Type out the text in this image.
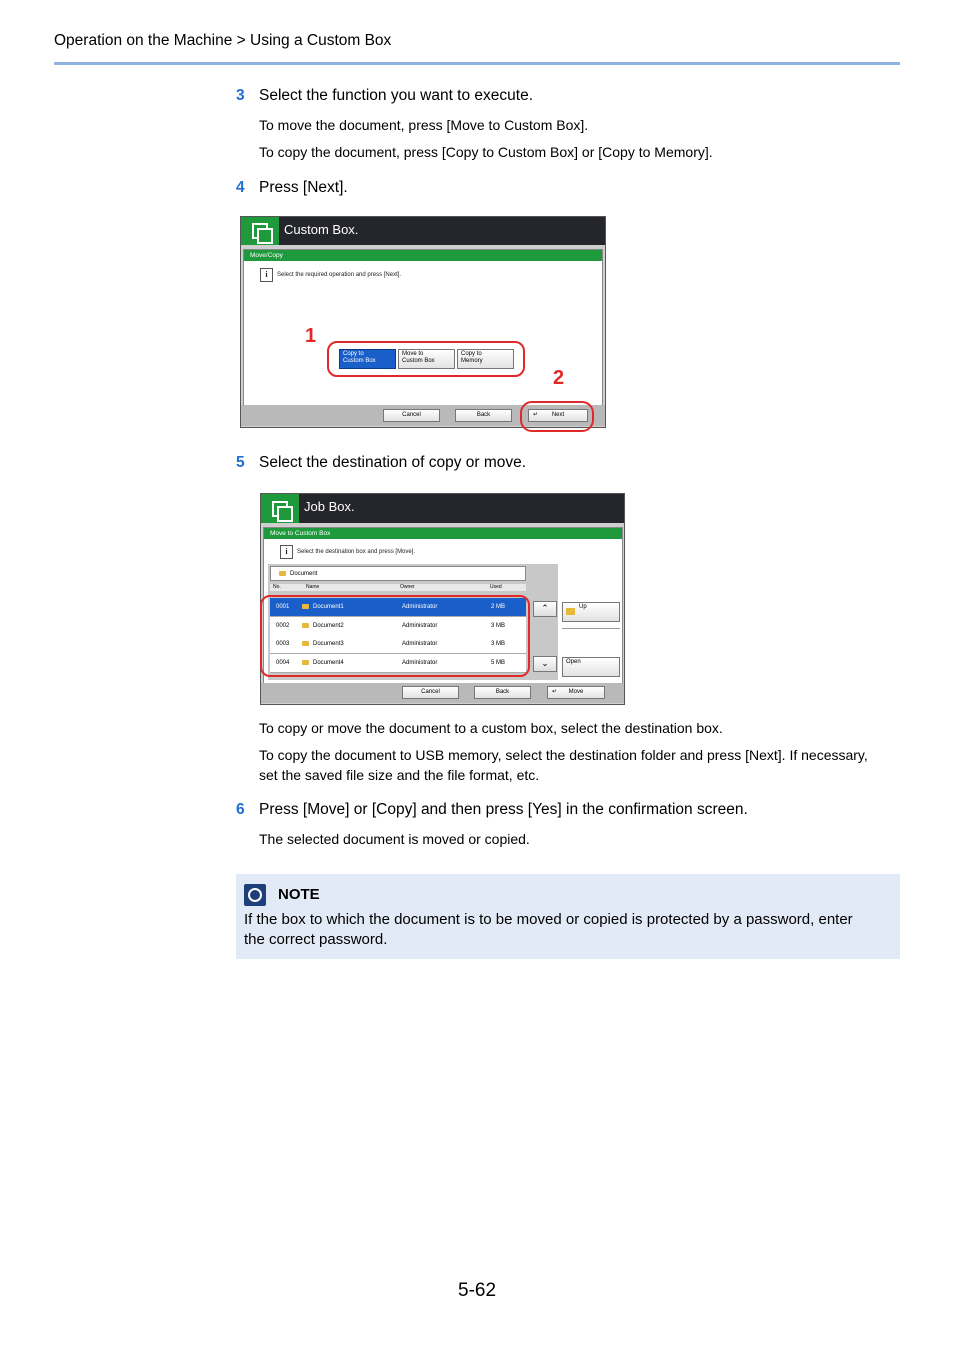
Operation on the Machine > Using a Custom Box
3 Select the function you want to execute.
To move the document, press [Move to Custom Box].
To copy the document, press [Copy to Custom Box] or [Copy to Memory].
4 Press [Next].
Custom Box.
Move/Copy
i	Select the required operation and press [Next].
Copy to
Custom Box
Move to
Custom Box
Copy to
Memory
Cancel	Back	↵ Next
1
2
5 Select the destination of copy or move.
Job Box.
Move to Custom Box
i	Select the destination box and press [Move].
Document
No.	Name	Owner	Used
0001	Document1	Administrator	2 MB
0002	Document2	Administrator	3 MB
0003	Document3	Administrator	3 MB
0004	Document4	Administrator	5 MB
⌃
⌄
Up
Open
Cancel	Back	↵ Move
To copy or move the document to a custom box, select the destination box.
To copy the document to USB memory, select the destination folder and press [Next]. If necessary,
set the saved file size and the file format, etc.
6 Press [Move] or [Copy] and then press [Yes] in the confirmation screen.
The selected document is moved or copied.
NOTE
If the box to which the document is to be moved or copied is protected by a password, enter
the correct password.
5-62
